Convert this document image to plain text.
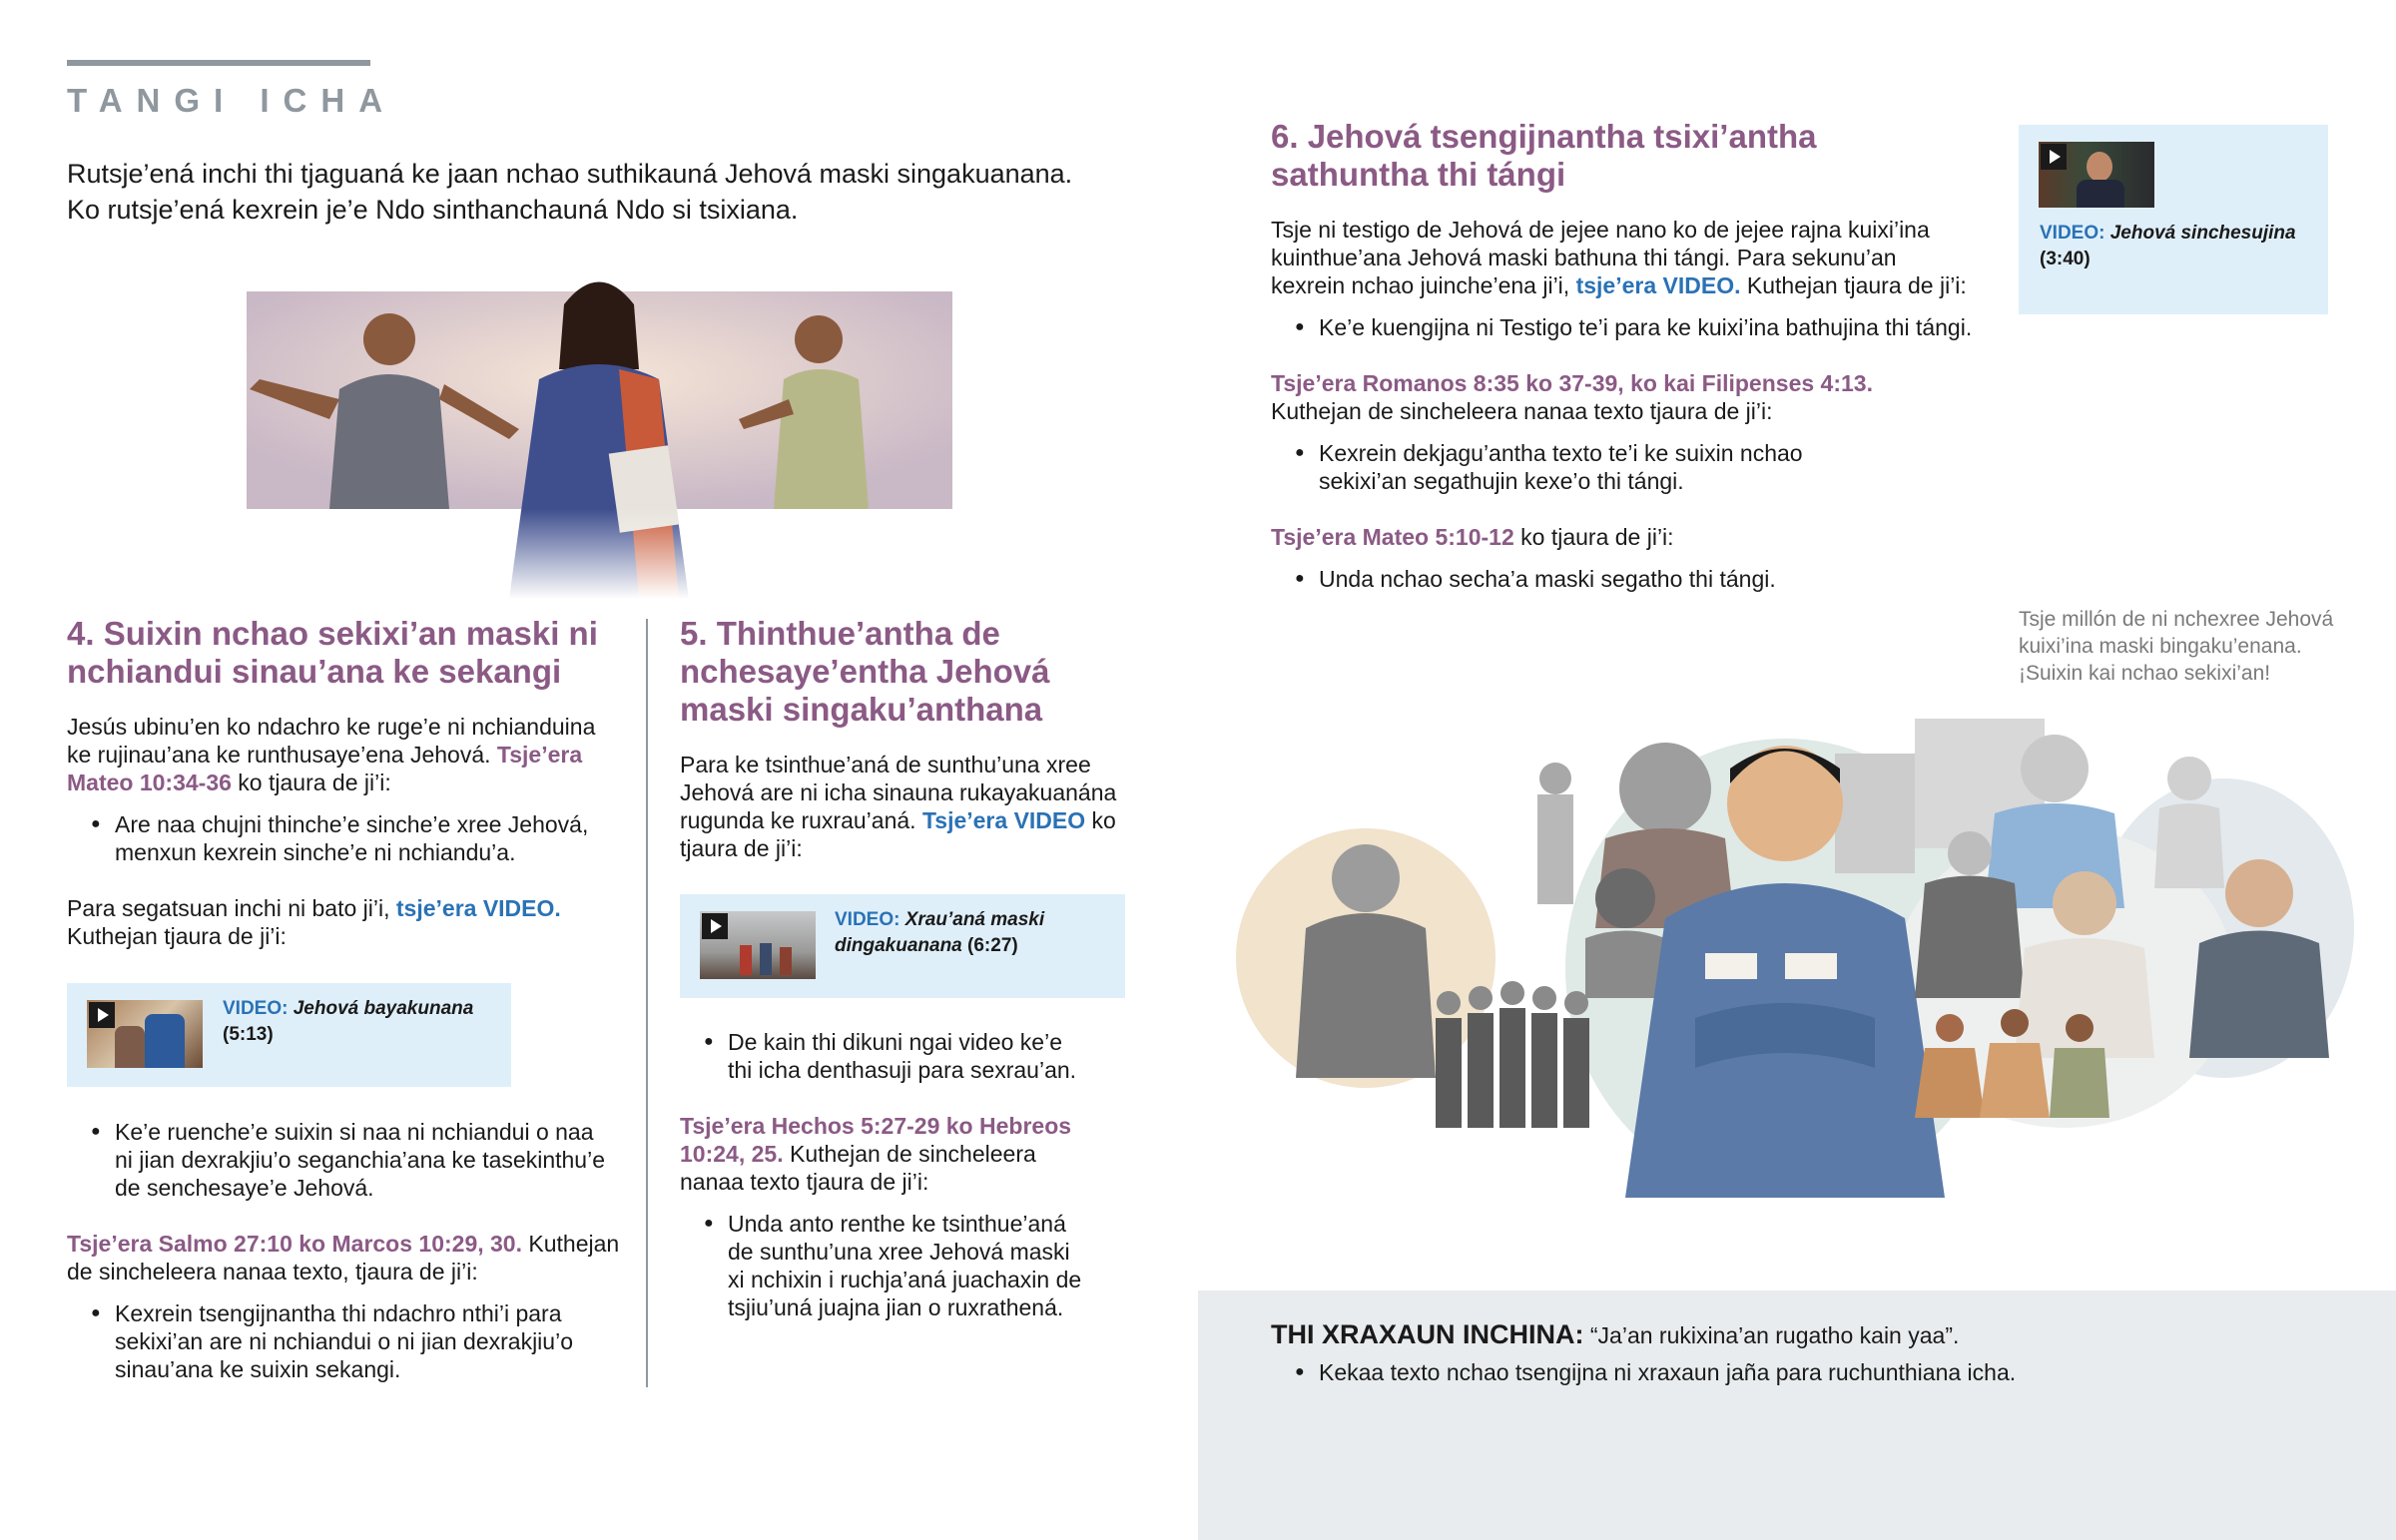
TANGI ICHA
Rutsje’ená inchi thi tjaguaná ke jaan nchao suthikauná Jehová maski singakuanana.
Ko rutsje’ená kexrein je’e Ndo sinthanchauná Ndo si tsixiana.
4. Suixin nchao sekixi’an maski ni
nchiandui sinau’ana ke sekangi
Jesús ubinu’en ko ndachro ke ruge’e ni nchianduina
ke rujinau’ana ke runthusaye’ena Jehová. Tsje’era
Mateo 10:34-36 ko tjaura de ji’i:
● Are naa chujni thinche’e sinche’e xree Jehová,
menxun kexrein sinche’e ni nchiandu’a.
Para segatsuan inchi ni bato ji’i, tsje’era VIDEO.
Kuthejan tjaura de ji’i:
VIDEO: Jehová bayakunana
(5:13)
● Ke’e ruenche’e suixin si naa ni nchiandui o naa
ni jian dexrakjiu’o seganchia’ana ke tasekinthu’e
de senchesaye’e Jehová.
Tsje’era Salmo 27:10 ko Marcos 10:29, 30. Kuthejan
de sincheleera nanaa texto, tjaura de ji’i:
● Kexrein tsengijnantha thi ndachro nthi’i para
sekixi’an are ni nchiandui o ni jian dexrakjiu’o
sinau’ana ke suixin sekangi.
5. Thinthue’antha de
nchesaye’entha Jehová
maski singaku’anthana
Para ke tsinthue’aná de sunthu’una xree
Jehová are ni icha sinauna rukayakuanána
rugunda ke ruxrau’aná. Tsje’era VIDEO ko
tjaura de ji’i:
VIDEO: Xrau’aná maski
dingakuanana (6:27)
● De kain thi dikuni ngai video ke’e
thi icha denthasuji para sexrau’an.
Tsje’era Hechos 5:27-29 ko Hebreos
10:24, 25. Kuthejan de sincheleera
nanaa texto tjaura de ji’i:
● Unda anto renthe ke tsinthue’aná
de sunthu’una xree Jehová maski
xi nchixin i ruchja’aná juachaxin de
tsjiu’uná juajna jian o ruxrathená.
6. Jehová tsengijnantha tsixi’antha
sathuntha thi tángi
Tsje ni testigo de Jehová de jejee nano ko de jejee rajna kuixi’ina
kuinthue’ana Jehová maski bathuna thi tángi. Para sekunu’an
kexrein nchao juinche’ena ji’i, tsje’era VIDEO. Kuthejan tjaura de ji’i:
● Ke’e kuengijna ni Testigo te’i para ke kuixi’ina bathujina thi tángi.
Tsje’era Romanos 8:35 ko 37-39, ko kai Filipenses 4:13.
Kuthejan de sincheleera nanaa texto tjaura de ji’i:
● Kexrein dekjagu’antha texto te’i ke suixin nchao
sekixi’an segathujin kexe’o thi tángi.
Tsje’era Mateo 5:10-12 ko tjaura de ji’i:
● Unda nchao secha’a maski segatho thi tángi.
VIDEO: Jehová sinchesujina
(3:40)
Tsje millón de ni nchexree Jehová
kuixi’ina maski bingaku’enana.
¡Suixin kai nchao sekixi’an!
THI XRAXAUN INCHINA: “Ja’an rukixina’an rugatho kain yaa”.
● Kekaa texto nchao tsengijna ni xraxaun jaña para ruchunthiana icha.
